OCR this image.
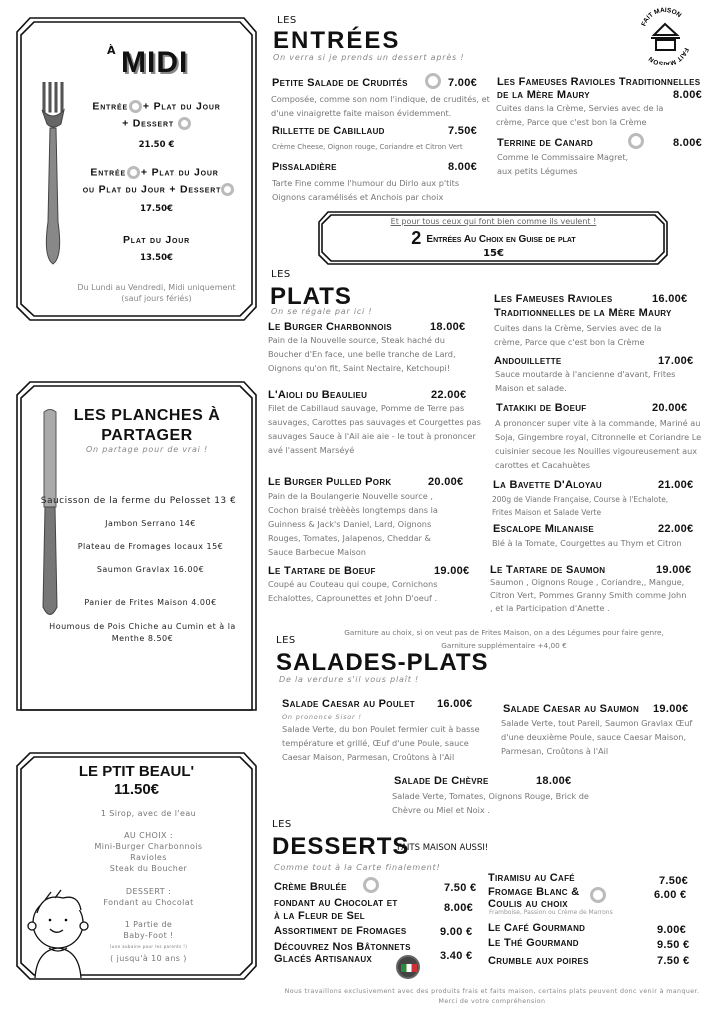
À MIDI
Entrée + Plat du Jour
+ Dessert
21.50 €
Entrée + Plat du Jour
ou Plat du Jour + Dessert
17.50€
Plat du Jour
13.50€
Du Lundi au Vendredi, Midi uniquement
(sauf jours fériés)
LES PLANCHES À
PARTAGER
On partage pour de vrai !
Saucisson de la ferme du Pelosset 13 €
Jambon Serrano 14€
Plateau de Fromages locaux 15€
Saumon Gravlax 16.00€
Panier de Frites Maison 4.00€
Houmous de Pois Chiche au Cumin et à la
Menthe 8.50€
LE PTIT BEAUL'
11.50€
1 Sirop, avec de l'eau
AU CHOIX :
Mini-Burger Charbonnois
Ravioles
Steak du Boucher
DESSERT :
Fondant au Chocolat
1 Partie de
Baby-Foot !
(une aubaine pour les parents !)
( jusqu'à 10 ans )
FAIT MAISON
FAIT MAISON
LES
ENTRÉES
On verra si je prends un dessert après !
Petite Salade de Crudités	7.00€
Composée, comme son nom l'indique, de crudités, et d'une vinaigrette faite maison évidemment.
Rillette de Cabillaud	7.50€
Crème Cheese, Oignon rouge, Coriandre et Citron Vert
Pissaladière	8.00€
Tarte Fine comme l'humour du Dirlo aux p'tits Oignons caramélisés et Anchois par choix
Les Fameuses Ravioles Traditionnelles
de la Mère Maury	8.00€
Cuites dans la Crème, Servies avec de la crème, Parce que c'est bon la Crème
Terrine de Canard	8.00€
Comme le Commissaire Magret, aux petits Légumes
Et pour tous ceux qui font bien comme ils veulent !
2 Entrées Au Choix en Guise de plat
15€
LES
PLATS
On se régale par ici !
Le Burger Charbonnois	18.00€
Pain de la Nouvelle source, Steak haché du Boucher d'En face, une belle tranche de Lard, Oignons qu'on fit, Saint Nectaire, Ketchoupi!
L'Aioli du Beaulieu	22.00€
Filet de Cabillaud sauvage, Pomme de Terre pas sauvages, Carottes pas sauvages et Courgettes pas sauvages Sauce à l'Ail aie aie - le tout à prononcer avé l'assent Marséyé
Le Burger Pulled Pork	20.00€
Pain de la Boulangerie Nouvelle source , Cochon braisé trèèèès longtemps dans la Guinness & Jack's Daniel, Lard, Oignons Rouges, Tomates, Jalapenos, Cheddar & Sauce Barbecue Maison
Le Tartare de Boeuf	19.00€
Coupé au Couteau qui coupe, Cornichons Echalottes, Caprounettes et John D'oeuf .
Les Fameuses Ravioles
Traditionnelles de la Mère Maury
16.00€
Cuites dans la Crème, Servies avec de la crème, Parce que c'est bon la Crème
Andouillette	17.00€
Sauce moutarde à l'ancienne d'avant, Frites Maison et salade.
Tatakiki de Boeuf	20.00€
A prononcer super vite à la commande, Mariné au Soja, Gingembre royal, Citronnelle et Coriandre Le cuisinier secoue les Nouilles vigoureusement aux carottes et Cacahuètes
La Bavette D'Aloyau	21.00€
200g de Viande Française, Course à l'Echalote, Frites Maison et Salade Verte
Escalope Milanaise	22.00€
Blé à la Tomate, Courgettes au Thym et Citron
Le Tartare de Saumon	19.00€
Saumon , Oignons Rouge , Coriandre,, Mangue, Citron Vert, Pommes Granny Smith comme John , et la Participation d'Anette .
Garniture au choix, si on veut pas de Frites Maison, on a des Légumes pour faire genre,
Garniture supplémentaire +4,00 €
LES
SALADES-PLATS
De la verdure s'il vous plaît !
Salade Caesar au Poulet 16.00€
On prononce Sisor !
Salade Verte, du bon Poulet fermier cuit à basse température et grillé, Œuf d'une Poule, sauce Caesar Maison, Parmesan, Croûtons à l'Ail
Salade Caesar au Saumon 19.00€
Salade Verte, tout Pareil, Saumon Gravlax Œuf d'une deuxième Poule, sauce Caesar Maison, Parmesan, Croûtons à l'Ail
Salade De Chèvre	18.00€
Salade Verte, Tomates, Oignons Rouge, Brick de Chèvre ou Miel et Noix .
LES
DESSERTS
FAITS MAISON AUSSI!
Comme tout à la Carte finalement!
Crème Brulée	7.50 €
fondant au Chocolat et
à la Fleur de Sel
8.00€
Assortiment de Fromages	9.00 €
Découvrez Nos Bâtonnets
Glacés Artisanaux	3.40 €
Tiramisu au Café	7.50€
Fromage Blanc &
Coulis au choix
Framboise, Passion ou Crème de Marrons
6.00 €
Le Café Gourmand	9.00€
Le Thé Gourmand	9.50 €
Crumble aux poires	7.50 €
Nous travaillons exclusivement avec des produits frais et faits maison, certains plats peuvent donc venir à manquer.
Merci de votre compréhension
